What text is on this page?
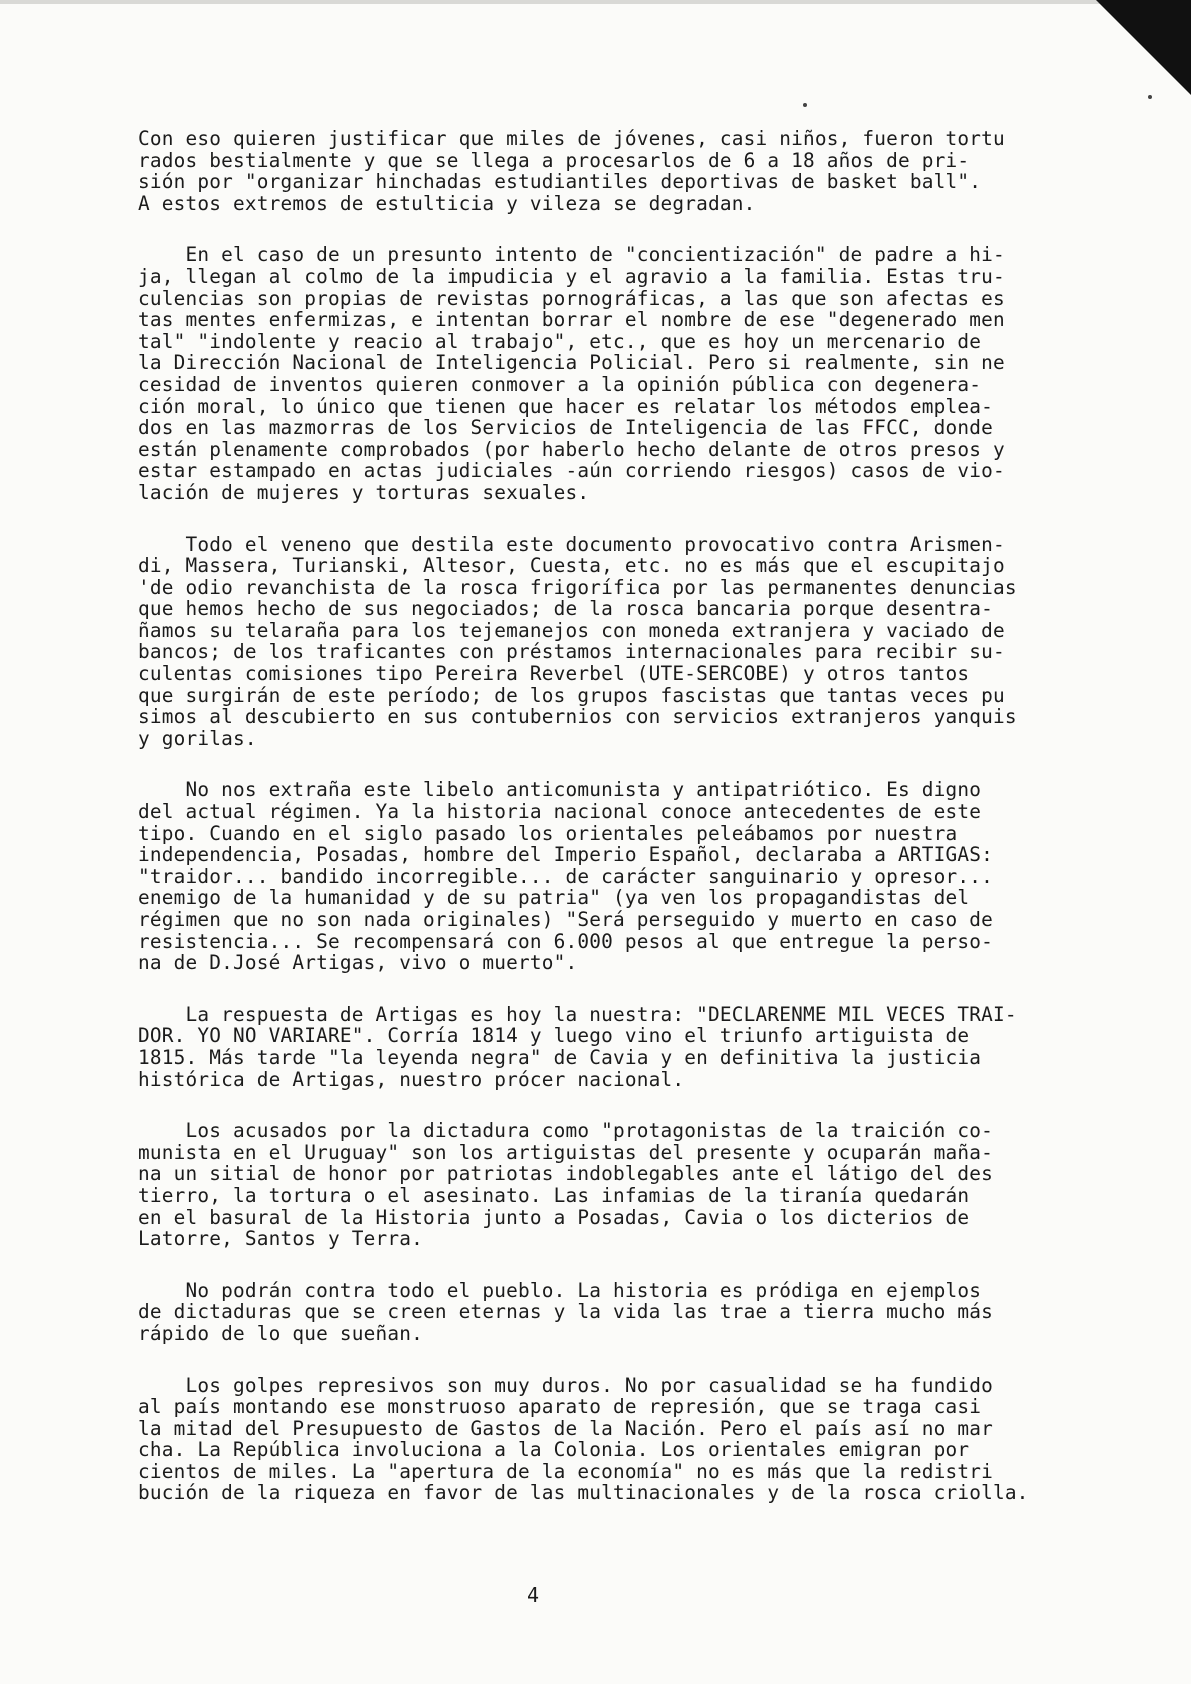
Con eso quieren justificar que miles de jóvenes, casi niños, fueron tortu
rados bestialmente y que se llega a procesarlos de 6 a 18 años de pri-
sión por "organizar hinchadas estudiantiles deportivas de basket ball".
A estos extremos de estulticia y vileza se degradan.

En el caso de un presunto intento de "concientización" de padre a hi-
ja, llegan al colmo de la impudicia y el agravio a la familia. Estas tru-
culencias son propias de revistas pornográficas, a las que son afectas es
tas mentes enfermizas, e intentan borrar el nombre de ese "degenerado men
tal" "indolente y reacio al trabajo", etc., que es hoy un mercenario de
la Dirección Nacional de Inteligencia Policial. Pero si realmente, sin ne
cesidad de inventos quieren conmover a la opinión pública con degenera-
ción moral, lo único que tienen que hacer es relatar los métodos emplea-
dos en las mazmorras de los Servicios de Inteligencia de las FFCC, donde
están plenamente comprobados (por haberlo hecho delante de otros presos y
estar estampado en actas judiciales -aún corriendo riesgos) casos de vio-
lación de mujeres y torturas sexuales.

Todo el veneno que destila este documento provocativo contra Arismen-
di, Massera, Turianski, Altesor, Cuesta, etc. no es más que el escupitajo
'de odio revanchista de la rosca frigorífica por las permanentes denuncias
que hemos hecho de sus negociados; de la rosca bancaria porque desentra-
ñamos su telaraña para los tejemanejos con moneda extranjera y vaciado de
bancos; de los traficantes con préstamos internacionales para recibir su-
culentas comisiones tipo Pereira Reverbel (UTE-SERCOBE) y otros tantos
que surgirán de este período; de los grupos fascistas que tantas veces pu
simos al descubierto en sus contubernios con servicios extranjeros yanquis
y gorilas.

No nos extraña este libelo anticomunista y antipatriótico. Es digno
del actual régimen. Ya la historia nacional conoce antecedentes de este
tipo. Cuando en el siglo pasado los orientales peleábamos por nuestra
independencia, Posadas, hombre del Imperio Español, declaraba a ARTIGAS:
"traidor... bandido incorregible... de carácter sanguinario y opresor...
enemigo de la humanidad y de su patria" (ya ven los propagandistas del
régimen que no son nada originales) "Será perseguido y muerto en caso de
resistencia... Se recompensará con 6.000 pesos al que entregue la perso-
na de D.José Artigas, vivo o muerto".

La respuesta de Artigas es hoy la nuestra: "DECLARENME MIL VECES TRAI-
DOR. YO NO VARIARE". Corría 1814 y luego vino el triunfo artiguista de
1815. Más tarde "la leyenda negra" de Cavia y en definitiva la justicia
histórica de Artigas, nuestro prócer nacional.

Los acusados por la dictadura como "protagonistas de la traición co-
munista en el Uruguay" son los artiguistas del presente y ocuparán maña-
na un sitial de honor por patriotas indoblegables ante el látigo del des
tierro, la tortura o el asesinato. Las infamias de la tiranía quedarán
en el basural de la Historia junto a Posadas, Cavia o los dicterios de
Latorre, Santos y Terra.

No podrán contra todo el pueblo. La historia es pródiga en ejemplos
de dictaduras que se creen eternas y la vida las trae a tierra mucho más
rápido de lo que sueñan.

Los golpes represivos son muy duros. No por casualidad se ha fundido
al país montando ese monstruoso aparato de represión, que se traga casi
la mitad del Presupuesto de Gastos de la Nación. Pero el país así no mar
cha. La República involuciona a la Colonia. Los orientales emigran por
cientos de miles. La "apertura de la economía" no es más que la redistri
bución de la riqueza en favor de las multinacionales y de la rosca criolla.

4
